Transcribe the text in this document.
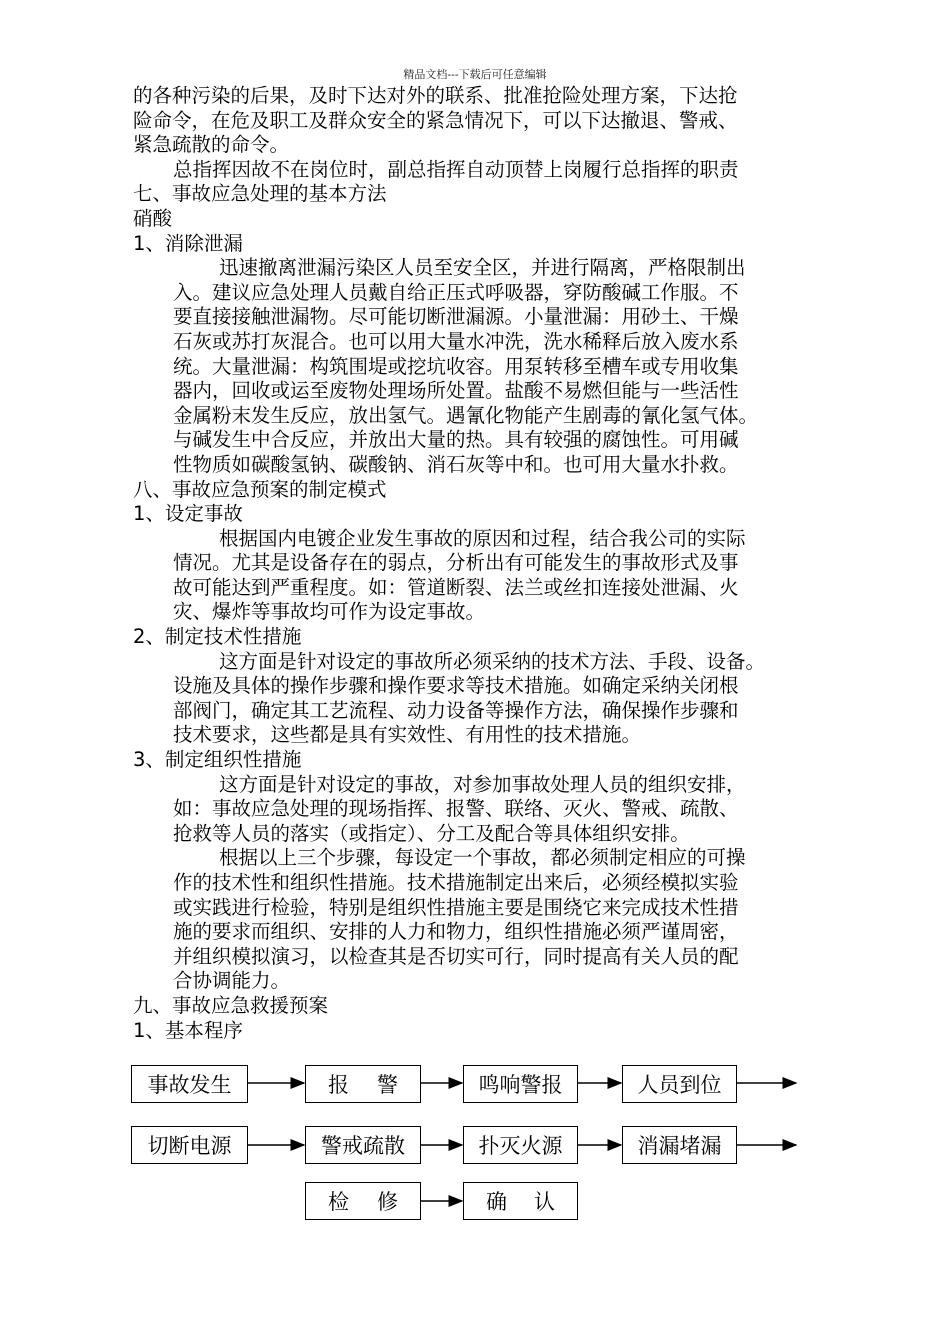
精品文档---下载后可任意编辑
的各种污染的后果，及时下达对外的联系、批准抢险处理方案，下达抢
险命令，在危及职工及群众安全的紧急情况下，可以下达撤退、警戒、
紧急疏散的命令。
总指挥因故不在岗位时，副总指挥自动顶替上岗履行总指挥的职责
七、事故应急处理的基本方法
硝酸
1、消除泄漏
迅速撤离泄漏污染区人员至安全区，并进行隔离，严格限制出
入。建议应急处理人员戴自给正压式呼吸器，穿防酸碱工作服。不
要直接接触泄漏物。尽可能切断泄漏源。小量泄漏：用砂土、干燥
石灰或苏打灰混合。也可以用大量水冲洗，洗水稀释后放入废水系
统。大量泄漏：构筑围堤或挖坑收容。用泵转移至槽车或专用收集
器内，回收或运至废物处理场所处置。盐酸不易燃但能与一些活性
金属粉末发生反应，放出氢气。遇氰化物能产生剧毒的氰化氢气体。
与碱发生中合反应，并放出大量的热。具有较强的腐蚀性。可用碱
性物质如碳酸氢钠、碳酸钠、消石灰等中和。也可用大量水扑救。
八、事故应急预案的制定模式
1、设定事故
根据国内电镀企业发生事故的原因和过程，结合我公司的实际
情况。尤其是设备存在的弱点，分析出有可能发生的事故形式及事
故可能达到严重程度。如：管道断裂、法兰或丝扣连接处泄漏、火
灾、爆炸等事故均可作为设定事故。
2、制定技术性措施
这方面是针对设定的事故所必须采纳的技术方法、手段、设备。
设施及具体的操作步骤和操作要求等技术措施。如确定采纳关闭根
部阀门，确定其工艺流程、动力设备等操作方法，确保操作步骤和
技术要求，这些都是具有实效性、有用性的技术措施。
3、制定组织性措施
这方面是针对设定的事故，对参加事故处理人员的组织安排，
如：事故应急处理的现场指挥、报警、联络、灭火、警戒、疏散、
抢救等人员的落实（或指定）、分工及配合等具体组织安排。
根据以上三个步骤，每设定一个事故，都必须制定相应的可操
作的技术性和组织性措施。技术措施制定出来后，必须经模拟实验
或实践进行检验，特别是组织性措施主要是围绕它来完成技术性措
施的要求而组织、安排的人力和物力，组织性措施必须严谨周密，
并组织模拟演习，以检查其是否切实可行，同时提高有关人员的配
合协调能力。
九、事故应急救援预案
1、基本程序
事故发生	报 警	鸣响警报	人员到位
切断电源	警戒疏散	扑灭火源	消漏堵漏
检 修	确 认
